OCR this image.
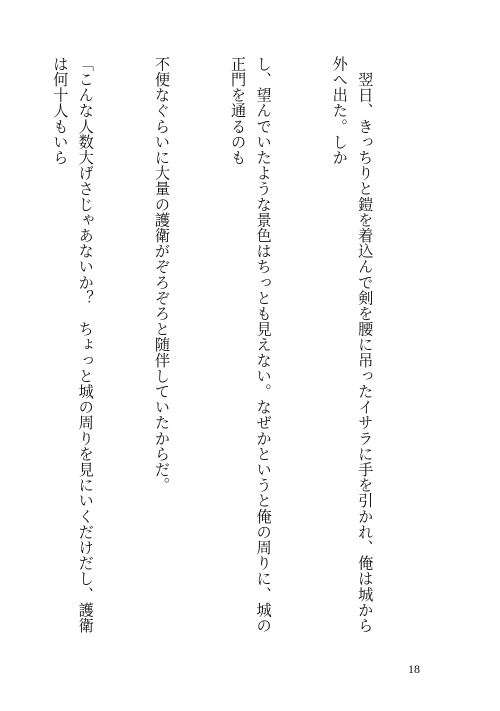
　翌日、きっちりと鎧を着込んで剣を腰に吊ったイサラに手を引かれ、俺は城から外へ出た。しか

し、望んでいたような景色はちっとも見えない。なぜかというと俺の周りに、城の正門を通るのも

不便なぐらいに大量の護衛がぞろぞろと随伴していたからだ。

「こんな人数大げさじゃあないか？　ちょっと城の周りを見にいくだけだし、護衛は何十人もいら

18
